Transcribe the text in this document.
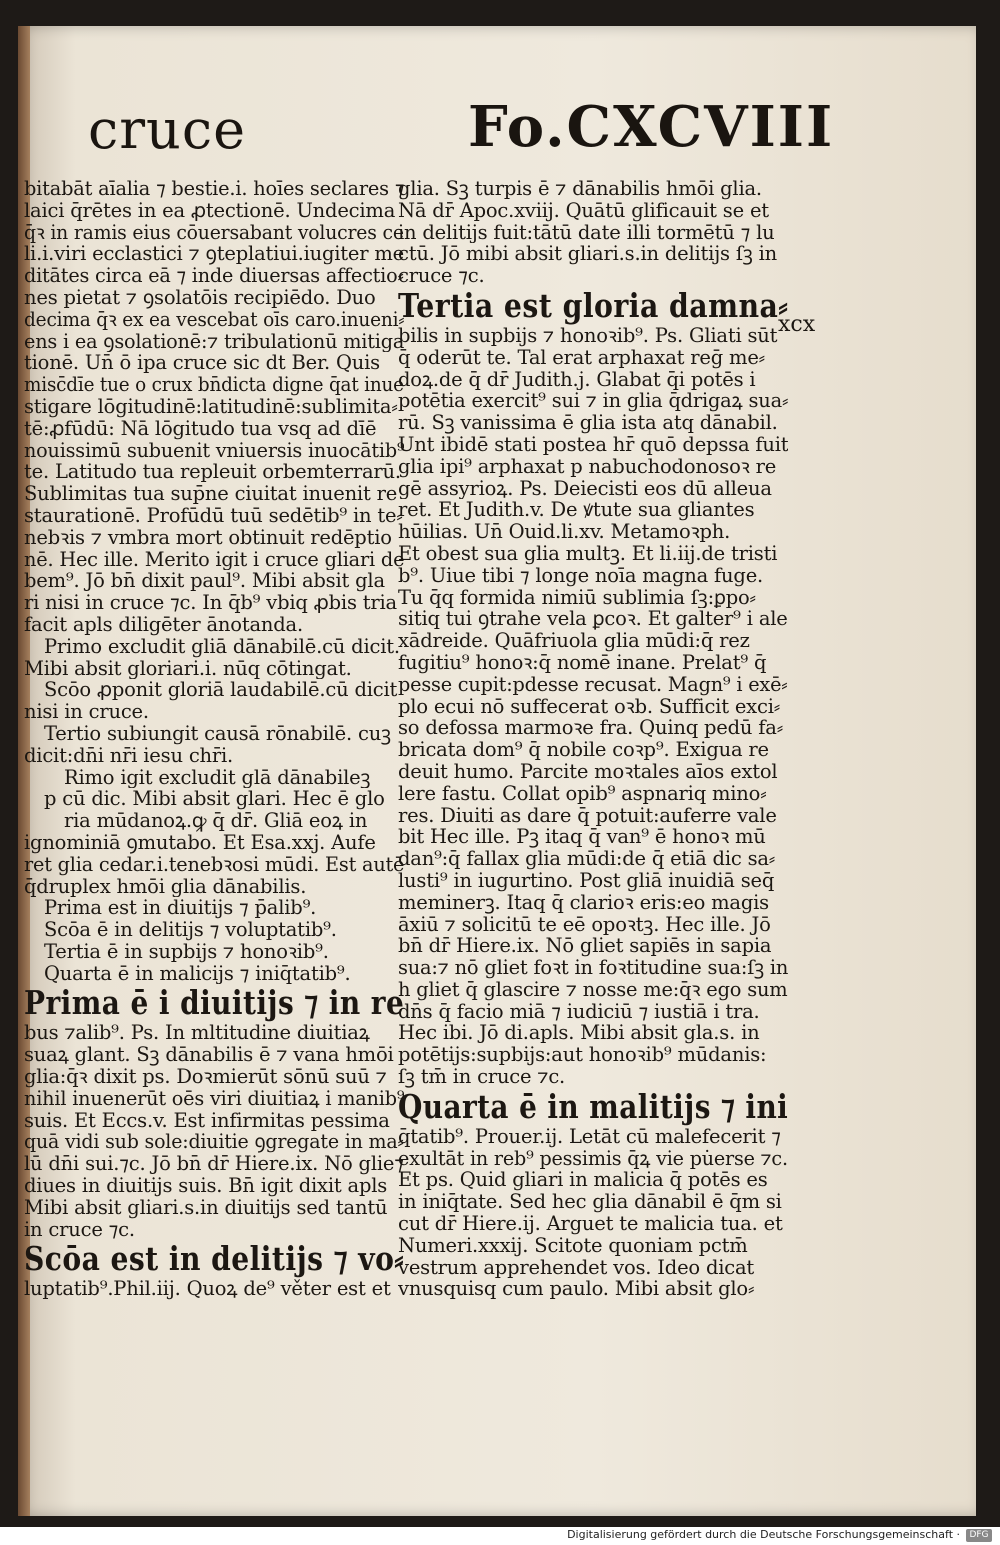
cruce	Fo.CXCVIII
xcx
bitabāt aīalia ⁊ bestie.i. hoīes seclares ⁊
laici q̄rētes in ea ꝓtectionē. Undecima
q̄ꝛ in ramis eius cōuersabant volucres ce
li.i.viri ecclastici ⁊ ꝯteplatiui.iugiter me
ditātes circa eā ⁊ inde diuersas affectio⸗
nes pietat̄ ⁊ ꝯsolatōis recipiēdo. Duo
decima q̄ꝛ ex ea vescebat oīs caro.inueni⸗
ens i ea ꝯsolationē:⁊ tribulationū mitiga
tionē. Un̄ ō ipa cruce sic dt Ber. Quis
misc̄dīe tue o crux bn̄dicta digne q̄at inue
stigare lōgitudinē:latitudinē:sublimita⸗
tē:ꝓfūdū: Nā lōgitudo tua vsq ad dīē
nouissimū subuenit vniuersis inuocātib⁹
te. Latitudo tua repleuit orbemterrarū.
Sublimitas tua sup̄ne ciuitat̄ inuenit re
staurationē. Profūdū tuū sedētib⁹ in te⸗
nebꝛis ⁊ vmbra mort̄ obtinuit redēptio
nē. Hec ille. Merito igit̄ i cruce gl̄iari de
bem⁹. Jō bn̄ dixit paul⁹. Mibi absit gl̄a
ri nisi in cruce ⁊c. In q̄b⁹ vbiq ꝓbis tria
facit apl̄s diligēter ānotanda.
Primo excludit gl̄iā dānabilē.cū dicit.
Mibi absit gloriari.i. nūq cōtingat.
Scōo ꝓponit gloriā laudabilē.cū dicit
nisi in cruce.
Tertio subiungit causā rōnabilē. cuꝫ
dicit:dn̄i nr̄i iesu chr̄i.
Rimo igit̄ excludit gl̄ā dānabileꝫ
p cū dic. Mibi absit gl̄ari. Hec ē glo
ria mūdanoꝝ.ꝙ q̄ dr̄. Gl̄iā eoꝝ in
ignominiā ꝯmutabo. Et Esa.xxj. Aufe
ret gl̄ia cedar.i.tenebꝛosi mūdi. Est autē
q̄druplex hmōi gl̄ia dānabilis.
Prima est in diuitijs ⁊ p̄alib⁹.
Scōa ē in delitijs ⁊ voluptatib⁹.
Tertia ē in supbijs ⁊ honoꝛib⁹.
Quarta ē in malicijs ⁊ iniq̄tatib⁹.
Prima ē i diuitijs ⁊ in re
bus ⁊alib⁹. Ps. In mltitudine diuitiaꝝ
suaꝝ glant. Sꝫ dānabilis ē ⁊ vana hmōi
gl̄ia:q̄ꝛ dixit ps. Doꝛmierūt sōnū suū ⁊
nihil inuenerūt oēs viri diuitiaꝝ i manib⁹
suis. Et Eccs.v. Est infirmitas pessima
quā vidi sub sole:diuitie ꝯgregate in ma⸗
lū dn̄i sui.⁊c. Jō bn̄ dr̄ Hiere.ix. Nō gl̄ie⁊
diues in diuitijs suis. Bn̄ igit̄ dixit apl̄s
Mibi absit gl̄iari.s.in diuitijs sed tantū
in cruce ⁊c.
Scōa est in delitijs ⁊ vo⸗
luptatib⁹.Phil.iij. Quoꝝ de⁹ věter est et
gl̄ia. Sꝫ turpis ē ⁊ dānabilis hmōi gl̄ia.
Nā dr̄ Apoc.xviij. Quātū gl̄ificauit se et
in delitijs fuit:tātū date illi tormētū ⁊ lu
ctū. Jō mibi absit gl̄iari.s.in delitijs ſꝫ in
cruce ⁊c.
Tertia est gloria damna⸗
bilis in supbijs ⁊ honoꝛib⁹. Ps. Gl̄iati sūt
q̄ oderūt te. Tal erat arphaxat reḡ me⸗
doꝝ.de q̄ dr̄ Judith.j. Gl̄abat q̄i potēs i
potētia exercit⁹ sui ⁊ in gl̄ia q̄drigaꝝ sua⸗
rū. Sꝫ vanissima ē gl̄ia ista atq dānabil̄.
Unt ibidē stati postea hr̄ quō depssa fuit
gl̄ia ipi⁹ arphaxat p nabuchodonosoꝛ re
gē assyrioꝝ. Ps. Deiecisti eos dū alleua
ret. Et Judith.v. De ꝟtute sua gl̄iantes
hūilias. Un̄ Ouid.li.xv. Metamoꝛph.
Et obest sua gl̄ia multꝫ. Et li.iij.de tristi
b⁹. Uiue tibi ⁊ longe noīa magna fuge.
Tu q̄q formida nimiū sublimia ſꝫ:ꝑpo⸗
sitiq tui ꝯtrahe vela ꝑcoꝛ. Et galter⁹ i ale
xādreide. Quāfriuola gl̄ia mūdi:q̄ rez
fugitiu⁹ honoꝛ:q̄ nomē inane. Prelat⁹ q̄
pesse cupit:pdesse recusat. Magn⁹ i exē⸗
plo ecui nō suffecerat oꝛb. Sufficit exci⸗
so defossa marmoꝛe fra. Quinq pedū fa⸗
bricata dom⁹ q̄ nobile coꝛp⁹. Exigua re
deuit humo. Parcite moꝛtales aīos extol
lere fastu. Collat̄ opib⁹ aspnariq mino⸗
res. Diuiti as dare q̄ potuit:auferre vale
bit Hec ille. Pꝫ itaq q̄ van⁹ ē honoꝛ mū
dan⁹:q̄ fallax gl̄ia mūdi:de q̄ etiā dic sa⸗
lusti⁹ in iugurtino. Post gl̄iā inuidiā seq̄
meminerꝫ. Itaq q̄ clarioꝛ eris:eo magis
āxiū ⁊ solicitū te eē opoꝛtꝫ. Hec ille. Jō
bn̄ dr̄ Hiere.ix. Nō gl̄iet sapiēs in sapia
sua:⁊ nō gl̄iet foꝛt̄ in foꝛtitudine sua:ſꝫ in
h gl̄iet q̄ gl̄ascire ⁊ nosse me:q̄ꝛ ego sum
dn̄s q̄ facio miā ⁊ iudiciū ⁊ iustiā i t̄ra.
Hec ibi. Jō di.apl̄s. Mibi absit gl̄a.s. in
potētijs:supbijs:aut honoꝛib⁹ mūdanis:
ſꝫ tm̄ in cruce ⁊c.
Quarta ē in malitijs ⁊ ini
q̄tatib⁹. Prouer.ij. Letāt cū malefecerit ⁊
exultāt in reb⁹ pessimis q̄ꝝ vie pu̇erse ⁊c.
Et ps. Quid gl̄iari in malicia q̄ potēs es
in iniq̄tate. Sed hec gl̄ia dānabil̄ ē q̄m si
cut dr̄ Hiere.ij. Arguet te malicia tua. et
Numeri.xxxij. Scitote quoniam pctm̄
vestrum apprehendet vos. Ideo dicat
vnusquisq cum paulo. Mibi absit glo⸗
Digitalisierung gefördert durch die Deutsche Forschungsgemeinschaft ·	DFG
